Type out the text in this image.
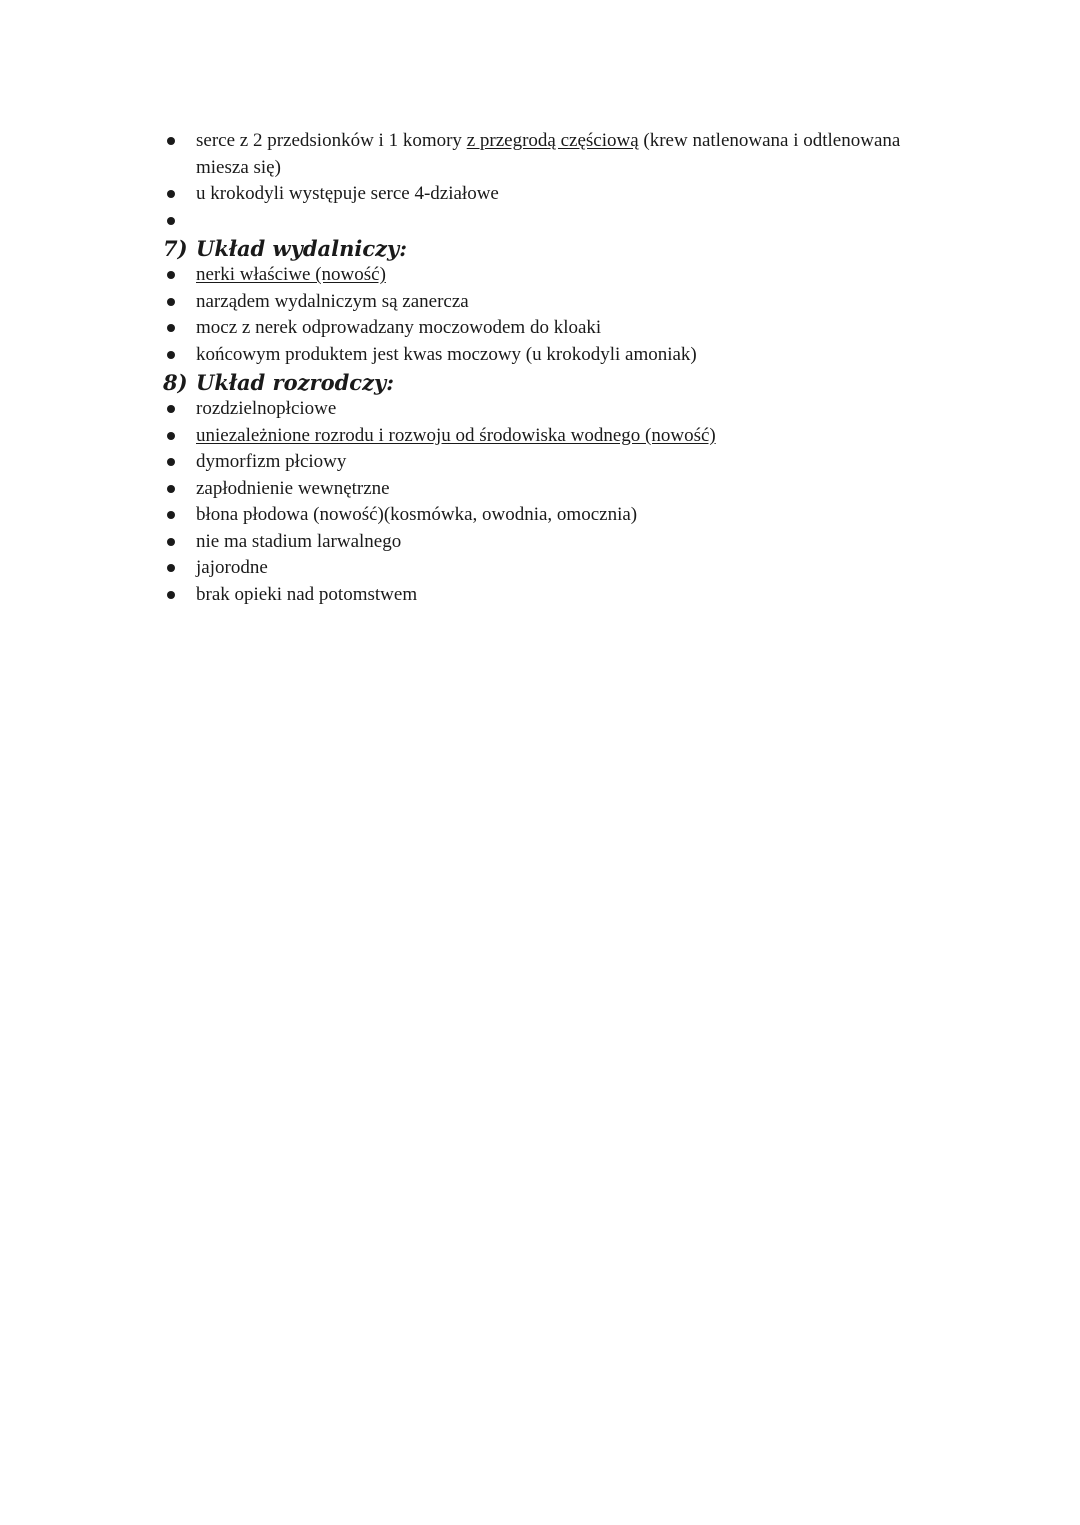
serce z 2 przedsionków i 1 komory z przegrodą częściową (krew natlenowana i odtlenowana miesza się)
u krokodyli występuje serce 4-działowe
7) Układ wydalniczy:
nerki właściwe (nowość)
narządem wydalniczym są zanercza
mocz z nerek odprowadzany moczowodem do kloaki
końcowym produktem jest kwas moczowy (u krokodyli amoniak)
8) Układ rozrodczy:
rozdzielnopłciowe
uniezależnione rozrodu i rozwoju od środowiska wodnego (nowość)
dymorfizm płciowy
zapłodnienie wewnętrzne
błona płodowa (nowość)(kosmówka, owodnia, omocznia)
nie ma stadium larwalnego
jajorodne
brak opieki nad potomstwem
